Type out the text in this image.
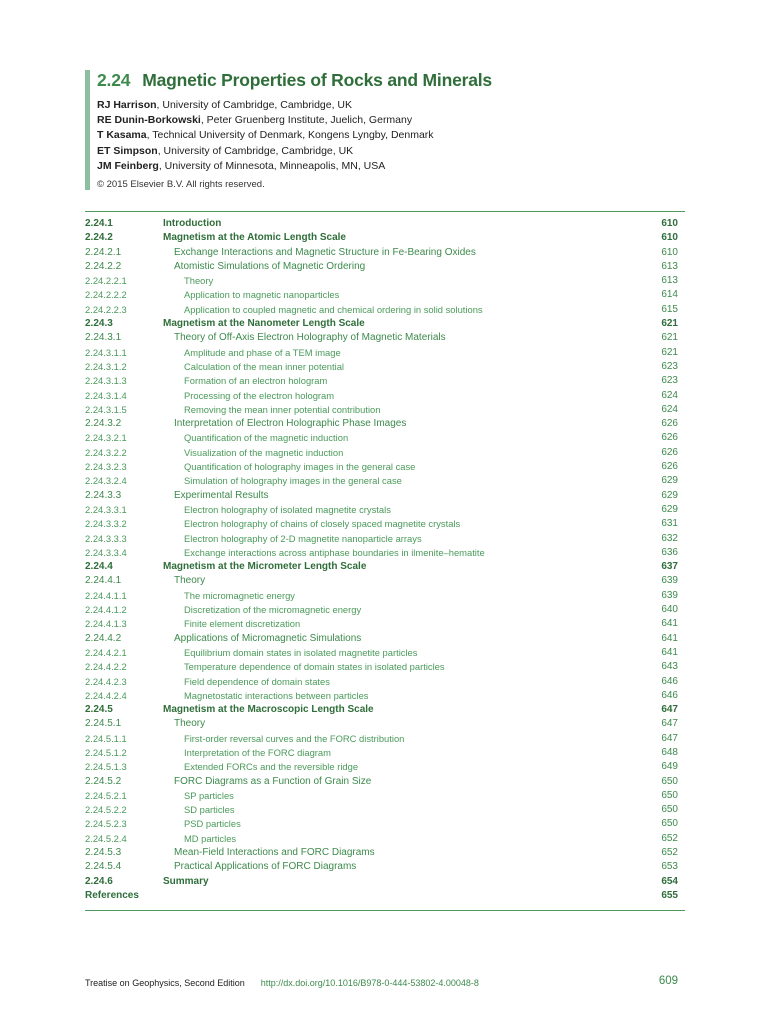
2.24 Magnetic Properties of Rocks and Minerals
RJ Harrison, University of Cambridge, Cambridge, UK
RE Dunin-Borkowski, Peter Gruenberg Institute, Juelich, Germany
T Kasama, Technical University of Denmark, Kongens Lyngby, Denmark
ET Simpson, University of Cambridge, Cambridge, UK
JM Feinberg, University of Minnesota, Minneapolis, MN, USA
© 2015 Elsevier B.V. All rights reserved.
2.24.1	Introduction	610
2.24.2	Magnetism at the Atomic Length Scale	610
2.24.2.1	Exchange Interactions and Magnetic Structure in Fe-Bearing Oxides	610
2.24.2.2	Atomistic Simulations of Magnetic Ordering	613
2.24.2.2.1	Theory	613
2.24.2.2.2	Application to magnetic nanoparticles	614
2.24.2.2.3	Application to coupled magnetic and chemical ordering in solid solutions	615
2.24.3	Magnetism at the Nanometer Length Scale	621
2.24.3.1	Theory of Off-Axis Electron Holography of Magnetic Materials	621
2.24.3.1.1	Amplitude and phase of a TEM image	621
2.24.3.1.2	Calculation of the mean inner potential	623
2.24.3.1.3	Formation of an electron hologram	623
2.24.3.1.4	Processing of the electron hologram	624
2.24.3.1.5	Removing the mean inner potential contribution	624
2.24.3.2	Interpretation of Electron Holographic Phase Images	626
2.24.3.2.1	Quantification of the magnetic induction	626
2.24.3.2.2	Visualization of the magnetic induction	626
2.24.3.2.3	Quantification of holography images in the general case	626
2.24.3.2.4	Simulation of holography images in the general case	629
2.24.3.3	Experimental Results	629
2.24.3.3.1	Electron holography of isolated magnetite crystals	629
2.24.3.3.2	Electron holography of chains of closely spaced magnetite crystals	631
2.24.3.3.3	Electron holography of 2-D magnetite nanoparticle arrays	632
2.24.3.3.4	Exchange interactions across antiphase boundaries in ilmenite–hematite	636
2.24.4	Magnetism at the Micrometer Length Scale	637
2.24.4.1	Theory	639
2.24.4.1.1	The micromagnetic energy	639
2.24.4.1.2	Discretization of the micromagnetic energy	640
2.24.4.1.3	Finite element discretization	641
2.24.4.2	Applications of Micromagnetic Simulations	641
2.24.4.2.1	Equilibrium domain states in isolated magnetite particles	641
2.24.4.2.2	Temperature dependence of domain states in isolated particles	643
2.24.4.2.3	Field dependence of domain states	646
2.24.4.2.4	Magnetostatic interactions between particles	646
2.24.5	Magnetism at the Macroscopic Length Scale	647
2.24.5.1	Theory	647
2.24.5.1.1	First-order reversal curves and the FORC distribution	647
2.24.5.1.2	Interpretation of the FORC diagram	648
2.24.5.1.3	Extended FORCs and the reversible ridge	649
2.24.5.2	FORC Diagrams as a Function of Grain Size	650
2.24.5.2.1	SP particles	650
2.24.5.2.2	SD particles	650
2.24.5.2.3	PSD particles	650
2.24.5.2.4	MD particles	652
2.24.5.3	Mean-Field Interactions and FORC Diagrams	652
2.24.5.4	Practical Applications of FORC Diagrams	653
2.24.6	Summary	654
References	655
Treatise on Geophysics, Second Edition http://dx.doi.org/10.1016/B978-0-444-53802-4.00048-8	609
